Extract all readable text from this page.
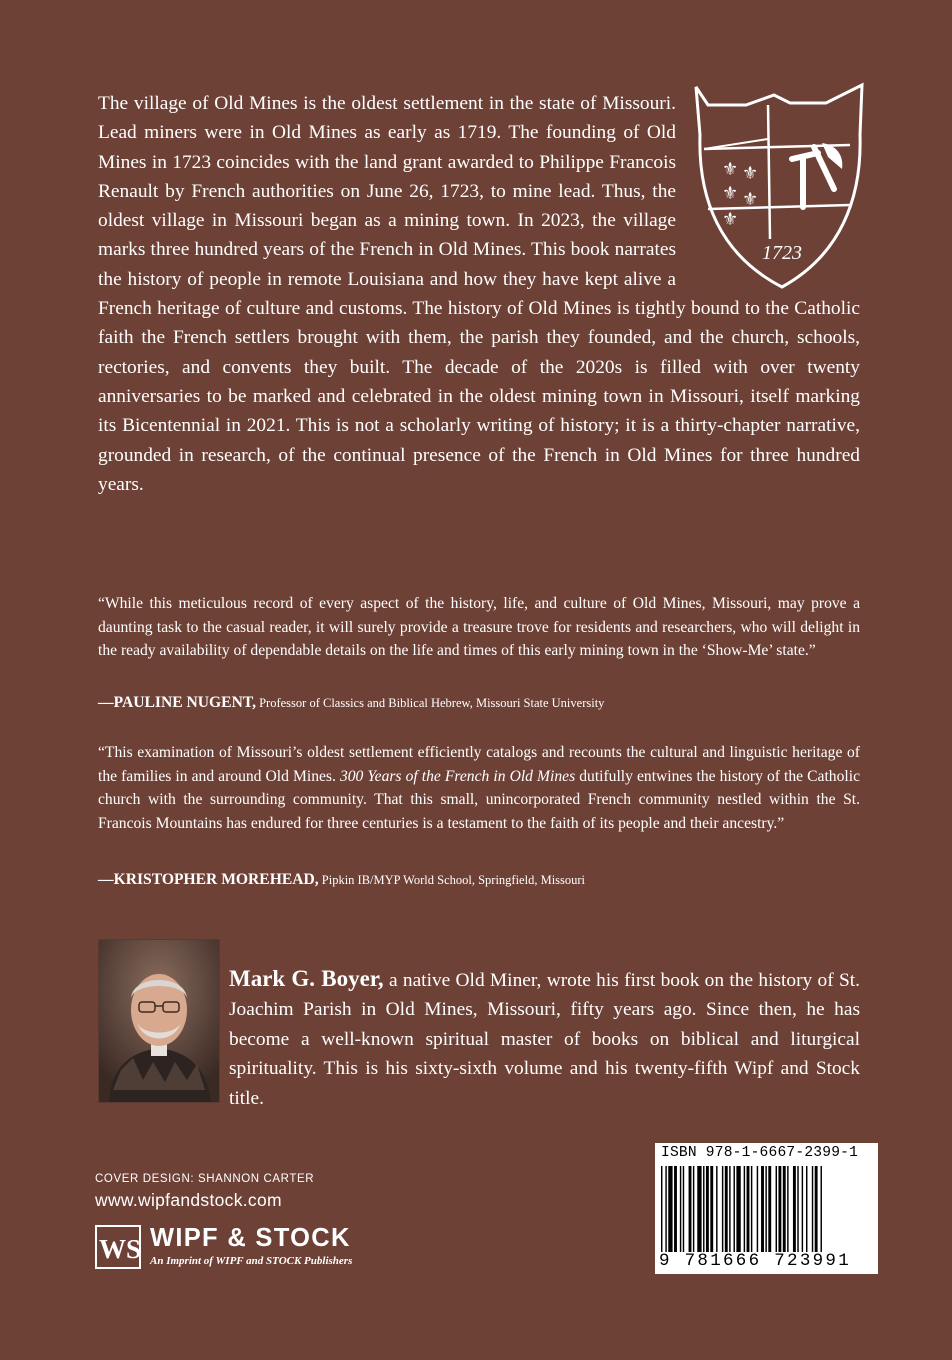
⚜ ⚜
⚜ ⚜
⚜
1723
The village of Old Mines is the oldest settlement in the state of Missouri. Lead miners were in Old Mines as early as 1719. The founding of Old Mines in 1723 coincides with the land grant awarded to Philippe Francois Renault by French authorities on June 26, 1723, to mine lead. Thus, the oldest village in Missouri began as a mining town. In 2023, the village marks three hundred years of the French in Old Mines. This book narrates the history of people in remote Louisiana and how they have kept alive a French heritage of culture and customs. The history of Old Mines is tightly bound to the Catholic faith the French settlers brought with them, the parish they founded, and the church, schools, rectories, and convents they built. The decade of the 2020s is filled with over twenty anniversaries to be marked and celebrated in the oldest mining town in Missouri, itself marking its Bicentennial in 2021. This is not a scholarly writing of history; it is a thirty-chapter narrative, grounded in research, of the continual presence of the French in Old Mines for three hundred years.

“While this meticulous record of every aspect of the history, life, and culture of Old Mines, Missouri, may prove a daunting task to the casual reader, it will surely provide a treasure trove for residents and researchers, who will delight in the ready availability of dependable details on the life and times of this early mining town in the ‘Show-Me’ state.”

—PAULINE NUGENT, Professor of Classics and Biblical Hebrew, Missouri State University

“This examination of Missouri’s oldest settlement efficiently catalogs and recounts the cultural and linguistic heritage of the families in and around Old Mines. 300 Years of the French in Old Mines dutifully entwines the history of the Catholic church with the surrounding community. That this small, unincorporated French community nestled within the St. Francois Mountains has endured for three centuries is a testament to the faith of its people and their ancestry.”

—KRISTOPHER MOREHEAD, Pipkin IB/MYP World School, Springfield, Missouri

Mark G. Boyer, a native Old Miner, wrote his first book on the history of St. Joachim Parish in Old Mines, Missouri, fifty years ago. Since then, he has become a well-known spiritual master of books on biblical and liturgical spirituality. This is his sixty-sixth volume and his twenty-fifth Wipf and Stock title.

COVER DESIGN: SHANNON CARTER
www.wipfandstock.com
WS WIPF & STOCK
An Imprint of WIPF and STOCK Publishers
ISBN 978-1-6667-2399-1
9 781666 723991
